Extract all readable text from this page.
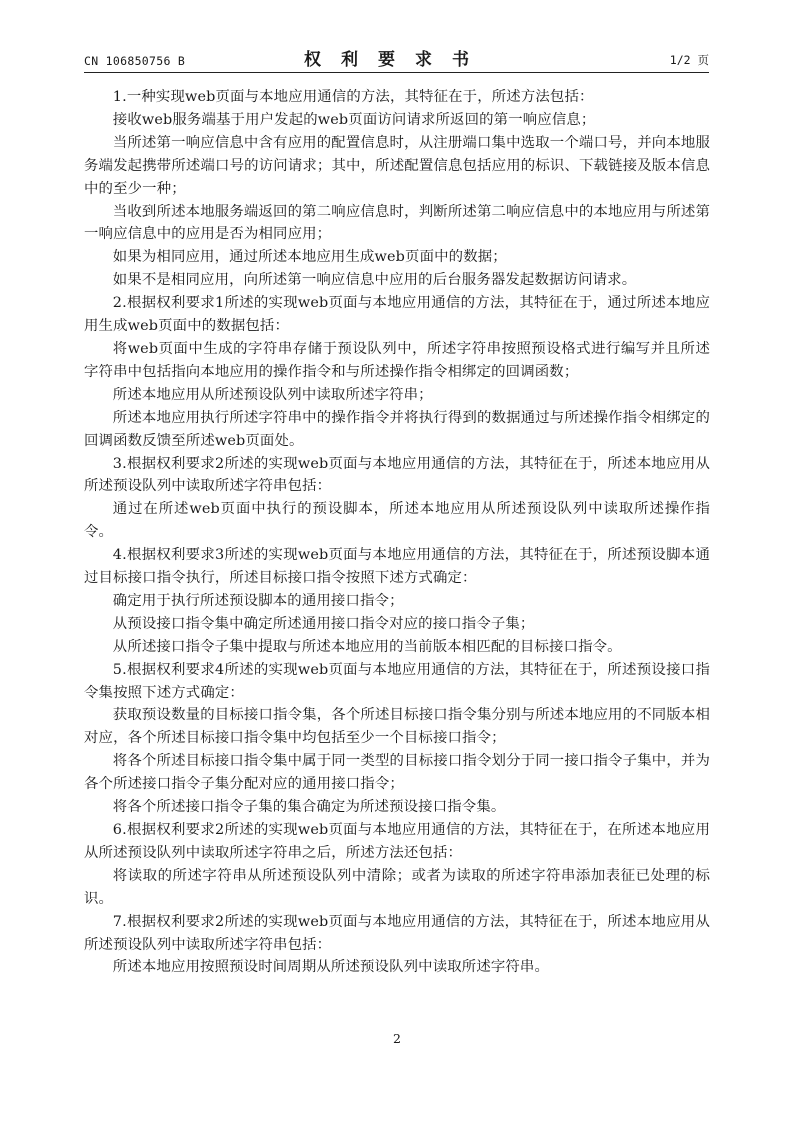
CN 106850756 B	权利要求书	1/2 页

1.一种实现web页面与本地应用通信的方法，其特征在于，所述方法包括：

接收web服务端基于用户发起的web页面访问请求所返回的第一响应信息；

当所述第一响应信息中含有应用的配置信息时，从注册端口集中选取一个端口号，并向本地服务端发起携带所述端口号的访问请求；其中，所述配置信息包括应用的标识、下载链接及版本信息中的至少一种；

当收到所述本地服务端返回的第二响应信息时，判断所述第二响应信息中的本地应用与所述第一响应信息中的应用是否为相同应用；

如果为相同应用，通过所述本地应用生成web页面中的数据；

如果不是相同应用，向所述第一响应信息中应用的后台服务器发起数据访问请求。

2.根据权利要求1所述的实现web页面与本地应用通信的方法，其特征在于，通过所述本地应用生成web页面中的数据包括：

将web页面中生成的字符串存储于预设队列中，所述字符串按照预设格式进行编写并且所述字符串中包括指向本地应用的操作指令和与所述操作指令相绑定的回调函数；

所述本地应用从所述预设队列中读取所述字符串；

所述本地应用执行所述字符串中的操作指令并将执行得到的数据通过与所述操作指令相绑定的回调函数反馈至所述web页面处。

3.根据权利要求2所述的实现web页面与本地应用通信的方法，其特征在于，所述本地应用从所述预设队列中读取所述字符串包括：

通过在所述web页面中执行的预设脚本，所述本地应用从所述预设队列中读取所述操作指令。

4.根据权利要求3所述的实现web页面与本地应用通信的方法，其特征在于，所述预设脚本通过目标接口指令执行，所述目标接口指令按照下述方式确定：

确定用于执行所述预设脚本的通用接口指令；

从预设接口指令集中确定所述通用接口指令对应的接口指令子集；

从所述接口指令子集中提取与所述本地应用的当前版本相匹配的目标接口指令。

5.根据权利要求4所述的实现web页面与本地应用通信的方法，其特征在于，所述预设接口指令集按照下述方式确定：

获取预设数量的目标接口指令集，各个所述目标接口指令集分别与所述本地应用的不同版本相对应，各个所述目标接口指令集中均包括至少一个目标接口指令；

将各个所述目标接口指令集中属于同一类型的目标接口指令划分于同一接口指令子集中，并为各个所述接口指令子集分配对应的通用接口指令；

将各个所述接口指令子集的集合确定为所述预设接口指令集。

6.根据权利要求2所述的实现web页面与本地应用通信的方法，其特征在于，在所述本地应用从所述预设队列中读取所述字符串之后，所述方法还包括：

将读取的所述字符串从所述预设队列中清除；或者为读取的所述字符串添加表征已处理的标识。

7.根据权利要求2所述的实现web页面与本地应用通信的方法，其特征在于，所述本地应用从所述预设队列中读取所述字符串包括：

所述本地应用按照预设时间周期从所述预设队列中读取所述字符串。

2
